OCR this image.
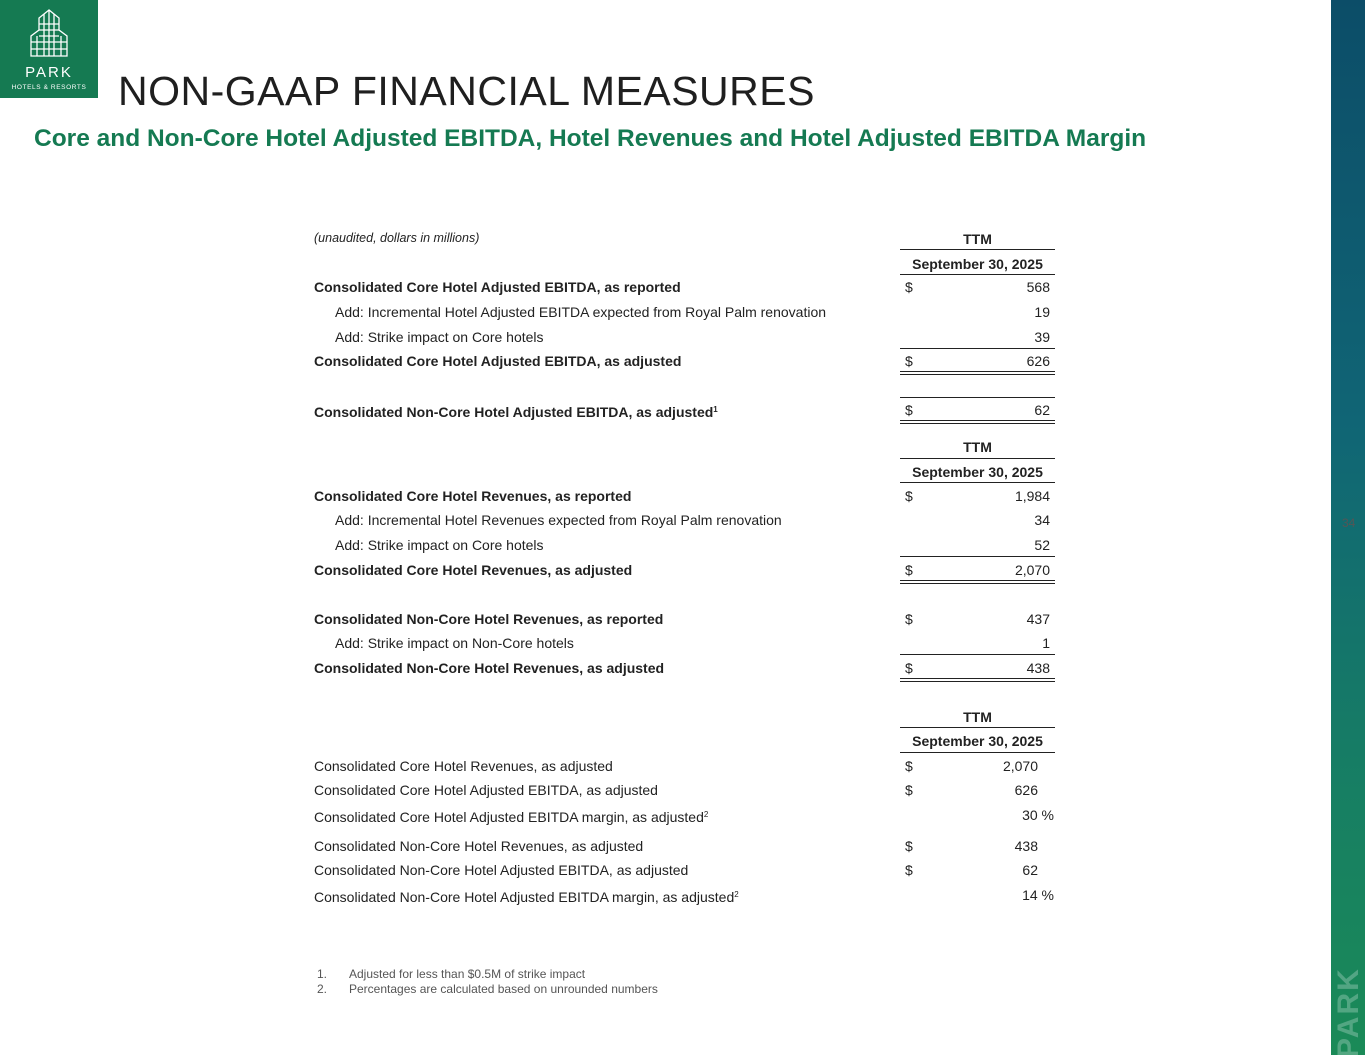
PARK
HOTELS & RESORTS NON-GAAP FINANCIAL MEASURES
Core and Non-Core Hotel Adjusted EBITDA, Hotel Revenues and Hotel Adjusted EBITDA Margin
34
PARK
(unaudited, dollars in millions)	TTM
September 30, 2025
Consolidated Core Hotel Adjusted EBITDA, as reported	$	568
Add: Incremental Hotel Adjusted EBITDA expected from Royal Palm renovation	19
Add: Strike impact on Core hotels	39
Consolidated Core Hotel Adjusted EBITDA, as adjusted	$	626
Consolidated Non-Core Hotel Adjusted EBITDA, as adjusted$^1$	$	62
TTM
September 30, 2025
Consolidated Core Hotel Revenues, as reported	$	1,984
Add: Incremental Hotel Revenues expected from Royal Palm renovation	34
Add: Strike impact on Core hotels	52
Consolidated Core Hotel Revenues, as adjusted	$	2,070
Consolidated Non-Core Hotel Revenues, as reported	$	437
Add: Strike impact on Non-Core hotels	1
Consolidated Non-Core Hotel Revenues, as adjusted	$	438
TTM
September 30, 2025
Consolidated Core Hotel Revenues, as adjusted	$	2,070
Consolidated Core Hotel Adjusted EBITDA, as adjusted	$	626
Consolidated Core Hotel Adjusted EBITDA margin, as adjusted$^2$	30 %
Consolidated Non-Core Hotel Revenues, as adjusted	$	438
Consolidated Non-Core Hotel Adjusted EBITDA, as adjusted	$	62
Consolidated Non-Core Hotel Adjusted EBITDA margin, as adjusted$^2$	14 %
1. Adjusted for less than $0.5M of strike impact
2. Percentages are calculated based on unrounded numbers
